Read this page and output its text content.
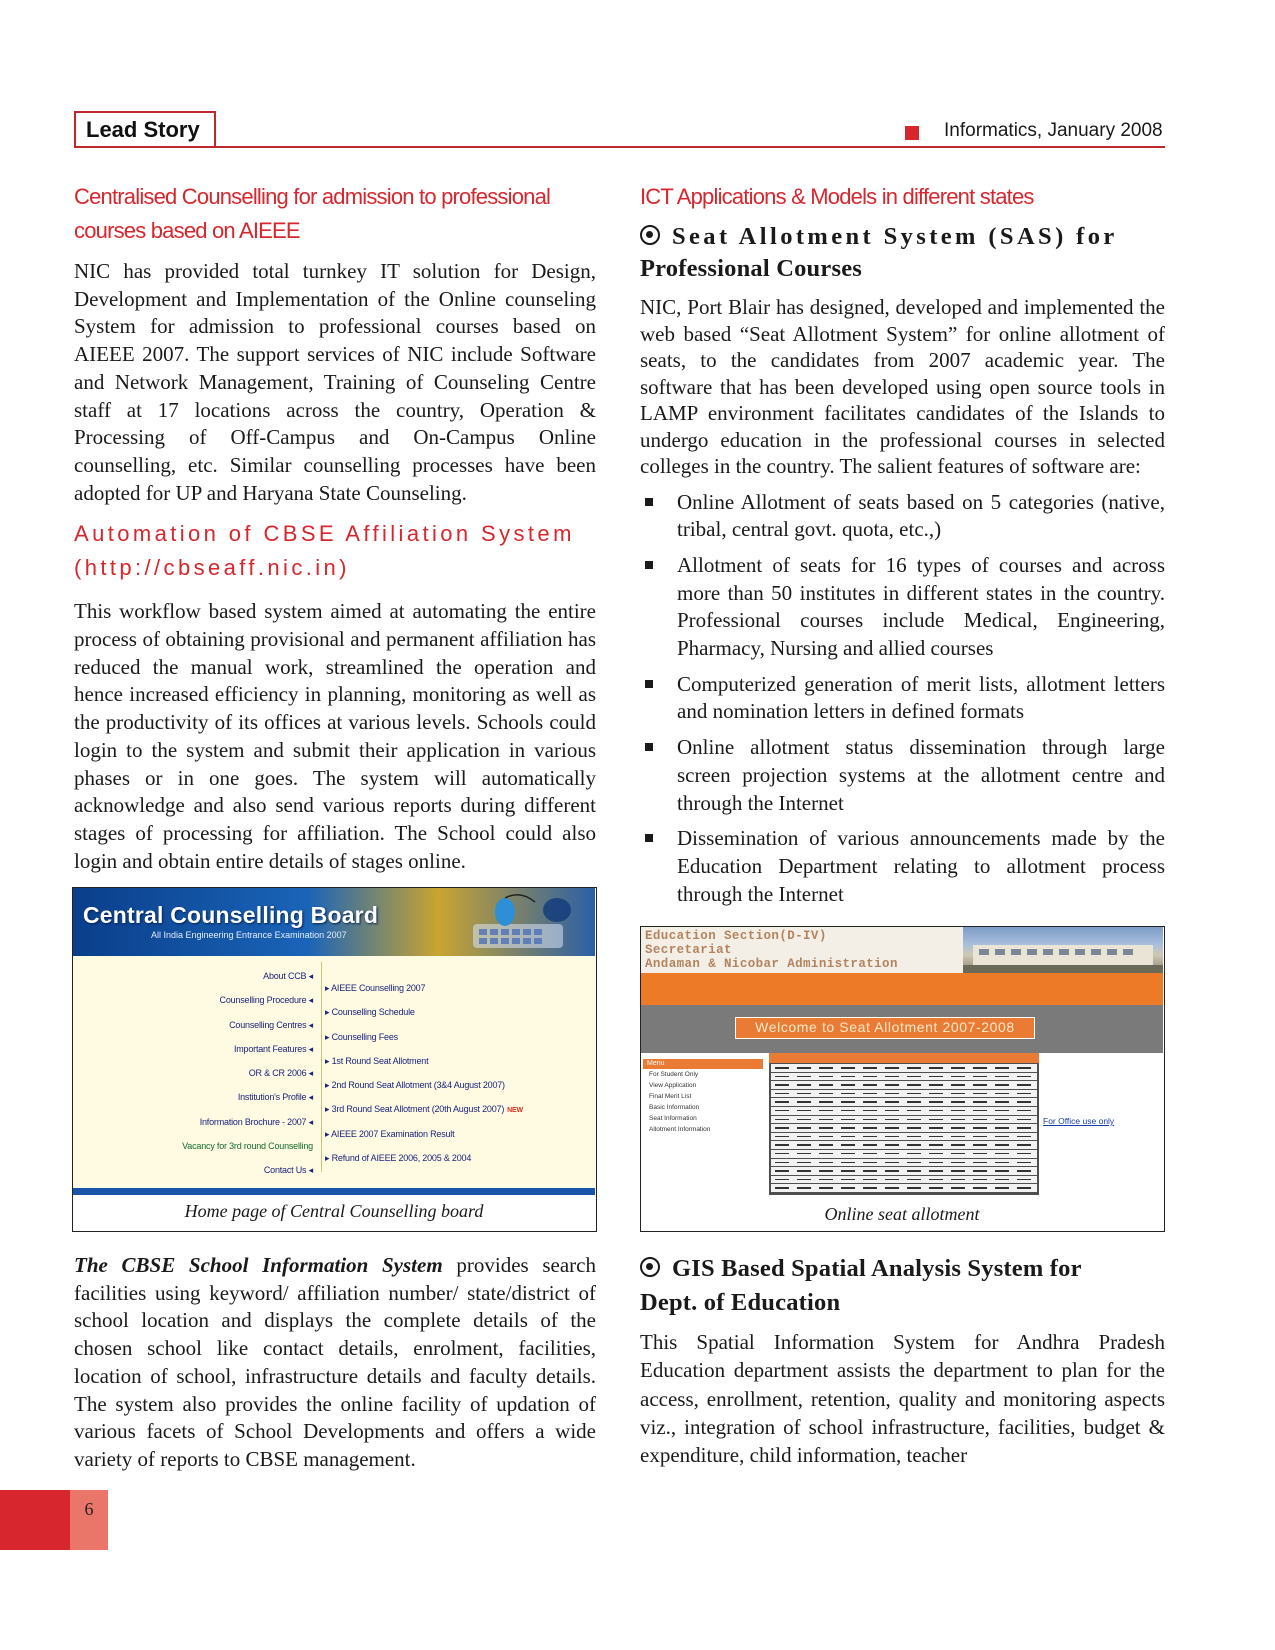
Lead Story	Informatics, January 2008
Centralised Counselling for admission to professional courses based on AIEEE
NIC has provided total turnkey IT solution for Design, Development and Implementation of the Online counseling System for admission to professional courses based on AIEEE 2007. The support services of NIC include Software and Network Management, Training of Counseling Centre staff at 17 locations across the country, Operation & Processing of Off-Campus and On-Campus Online counselling, etc. Similar counselling processes have been adopted for UP and Haryana State Counseling.
Automation of CBSE Affiliation System (http://cbseaff.nic.in)
This workflow based system aimed at automating the entire process of obtaining provisional and permanent affiliation has reduced the manual work, streamlined the operation and hence increased efficiency in planning, monitoring as well as the productivity of its offices at various levels. Schools could login to the system and submit their application in various phases or in one goes. The system will automatically acknowledge and also send various reports during different stages of processing for affiliation. The School could also login and obtain entire details of stages online.
Central Counselling Board
All India Engineering Entrance Examination 2007
About CCB ◂
Counselling Procedure ◂
Counselling Centres ◂
Important Features ◂
OR & CR 2006 ◂
Institution's Profile ◂
Information Brochure - 2007 ◂
Vacancy for 3rd round Counselling
Contact Us ◂
▸ AIEEE Counselling 2007
▸ Counselling Schedule
▸ Counselling Fees
▸ 1st Round Seat Allotment
▸ 2nd Round Seat Allotment (3&4 August 2007)
▸ 3rd Round Seat Allotment (20th August 2007) NEW
▸ AIEEE 2007 Examination Result
▸ Refund of AIEEE 2006, 2005 & 2004
Home page of Central Counselling board
The CBSE School Information System provides search facilities using keyword/ affiliation number/ state/district of school location and displays the complete details of the chosen school like contact details, enrolment, facilities, location of school, infrastructure details and faculty details. The system also provides the online facility of updation of various facets of School Developments and offers a wide variety of reports to CBSE management.
ICT Applications & Models in different states
Seat Allotment System (SAS) for
Professional Courses
NIC, Port Blair has designed, developed and implemented the web based “Seat Allotment System” for online allotment of seats, to the candidates from 2007 academic year. The software that has been developed using open source tools in LAMP environment facilitates candidates of the Islands to undergo education in the professional courses in selected colleges in the country. The salient features of software are:
Online Allotment of seats based on 5 categories (native, tribal, central govt. quota, etc.,)
Allotment of seats for 16 types of courses and across more than 50 institutes in different states in the country. Professional courses include Medical, Engineering, Pharmacy, Nursing and allied courses
Computerized generation of merit lists, allotment letters and nomination letters in defined formats
Online allotment status dissemination through large screen projection systems at the allotment centre and through the Internet
Dissemination of various announcements made by the Education Department relating to allotment process through the Internet
Education Section(D-IV)
Secretariat
Andaman & Nicobar Administration
Welcome to Seat Allotment 2007-2008
Menu
For Student Only
View Application
Final Merit List
Basic Information
Seat Information
Allotment Information
For Office use only
Online seat allotment
GIS Based Spatial Analysis System for
Dept. of Education
This Spatial Information System for Andhra Pradesh Education department assists the department to plan for the access, enrollment, retention, quality and monitoring aspects viz., integration of school infrastructure, facilities, budget & expenditure, child information, teacher
6
